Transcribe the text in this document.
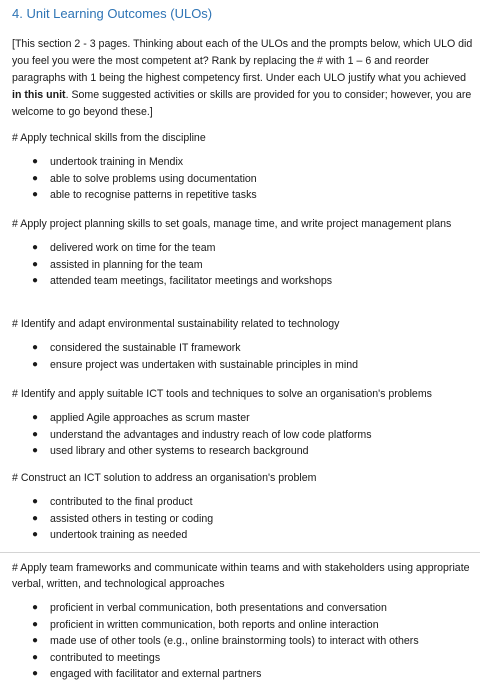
4. Unit Learning Outcomes (ULOs)
[This section 2 - 3 pages. Thinking about each of the ULOs and the prompts below, which ULO did you feel you were the most competent at? Rank by replacing the # with 1 – 6 and reorder paragraphs with 1 being the highest competency first. Under each ULO justify what you achieved in this unit. Some suggested activities or skills are provided for you to consider; however, you are welcome to go beyond these.]
# Apply technical skills from the discipline
● undertook training in Mendix
● able to solve problems using documentation
● able to recognise patterns in repetitive tasks
# Apply project planning skills to set goals, manage time, and write project management plans
● delivered work on time for the team
● assisted in planning for the team
● attended team meetings, facilitator meetings and workshops
# Identify and adapt environmental sustainability related to technology
● considered the sustainable IT framework
● ensure project was undertaken with sustainable principles in mind
# Identify and apply suitable ICT tools and techniques to solve an organisation's problems
● applied Agile approaches as scrum master
● understand the advantages and industry reach of low code platforms
● used library and other systems to research background
# Construct an ICT solution to address an organisation's problem
● contributed to the final product
● assisted others in testing or coding
● undertook training as needed
# Apply team frameworks and communicate within teams and with stakeholders using appropriate verbal, written, and technological approaches
● proficient in verbal communication, both presentations and conversation
● proficient in written communication, both reports and online interaction
● made use of other tools (e.g., online brainstorming tools) to interact with others
● contributed to meetings
● engaged with facilitator and external partners
